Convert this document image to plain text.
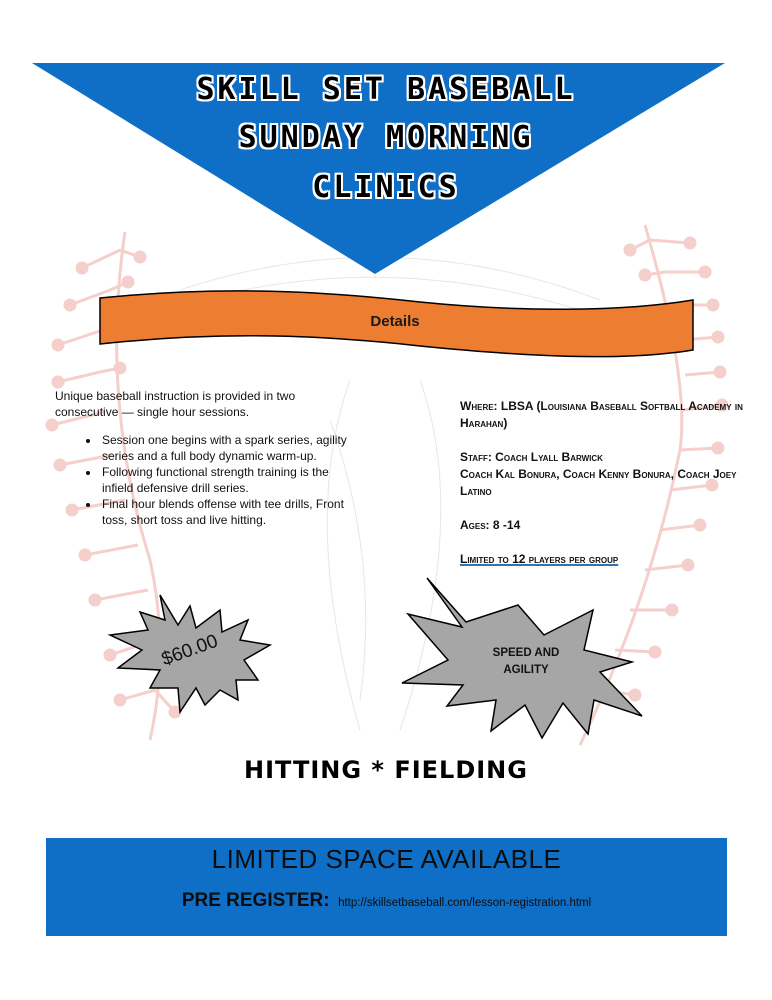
SKILL SET BASEBALL
SUNDAY MORNING
CLINICS
Details
Unique baseball instruction is provided in two consecutive — single hour sessions.
• Session one begins with a spark series, agility series and a full body dynamic warm-up.
• Following functional strength training is the infield defensive drill series.
• Final hour blends offense with tee drills, Front toss, short toss and live hitting.

Where: LBSA (Louisiana Baseball Softball Academy in Harahan)

Staff: Coach Lyall Barwick
Coach Kal Bonura, Coach Kenny Bonura, Coach Joey Latino

Ages: 8 -14

Limited to 12 players per group

$60.00	SPEED AND
AGILITY
HITTING * FIELDING
LIMITED SPACE AVAILABLE
PRE REGISTER: http://skillsetbaseball.com/lesson-registration.html
